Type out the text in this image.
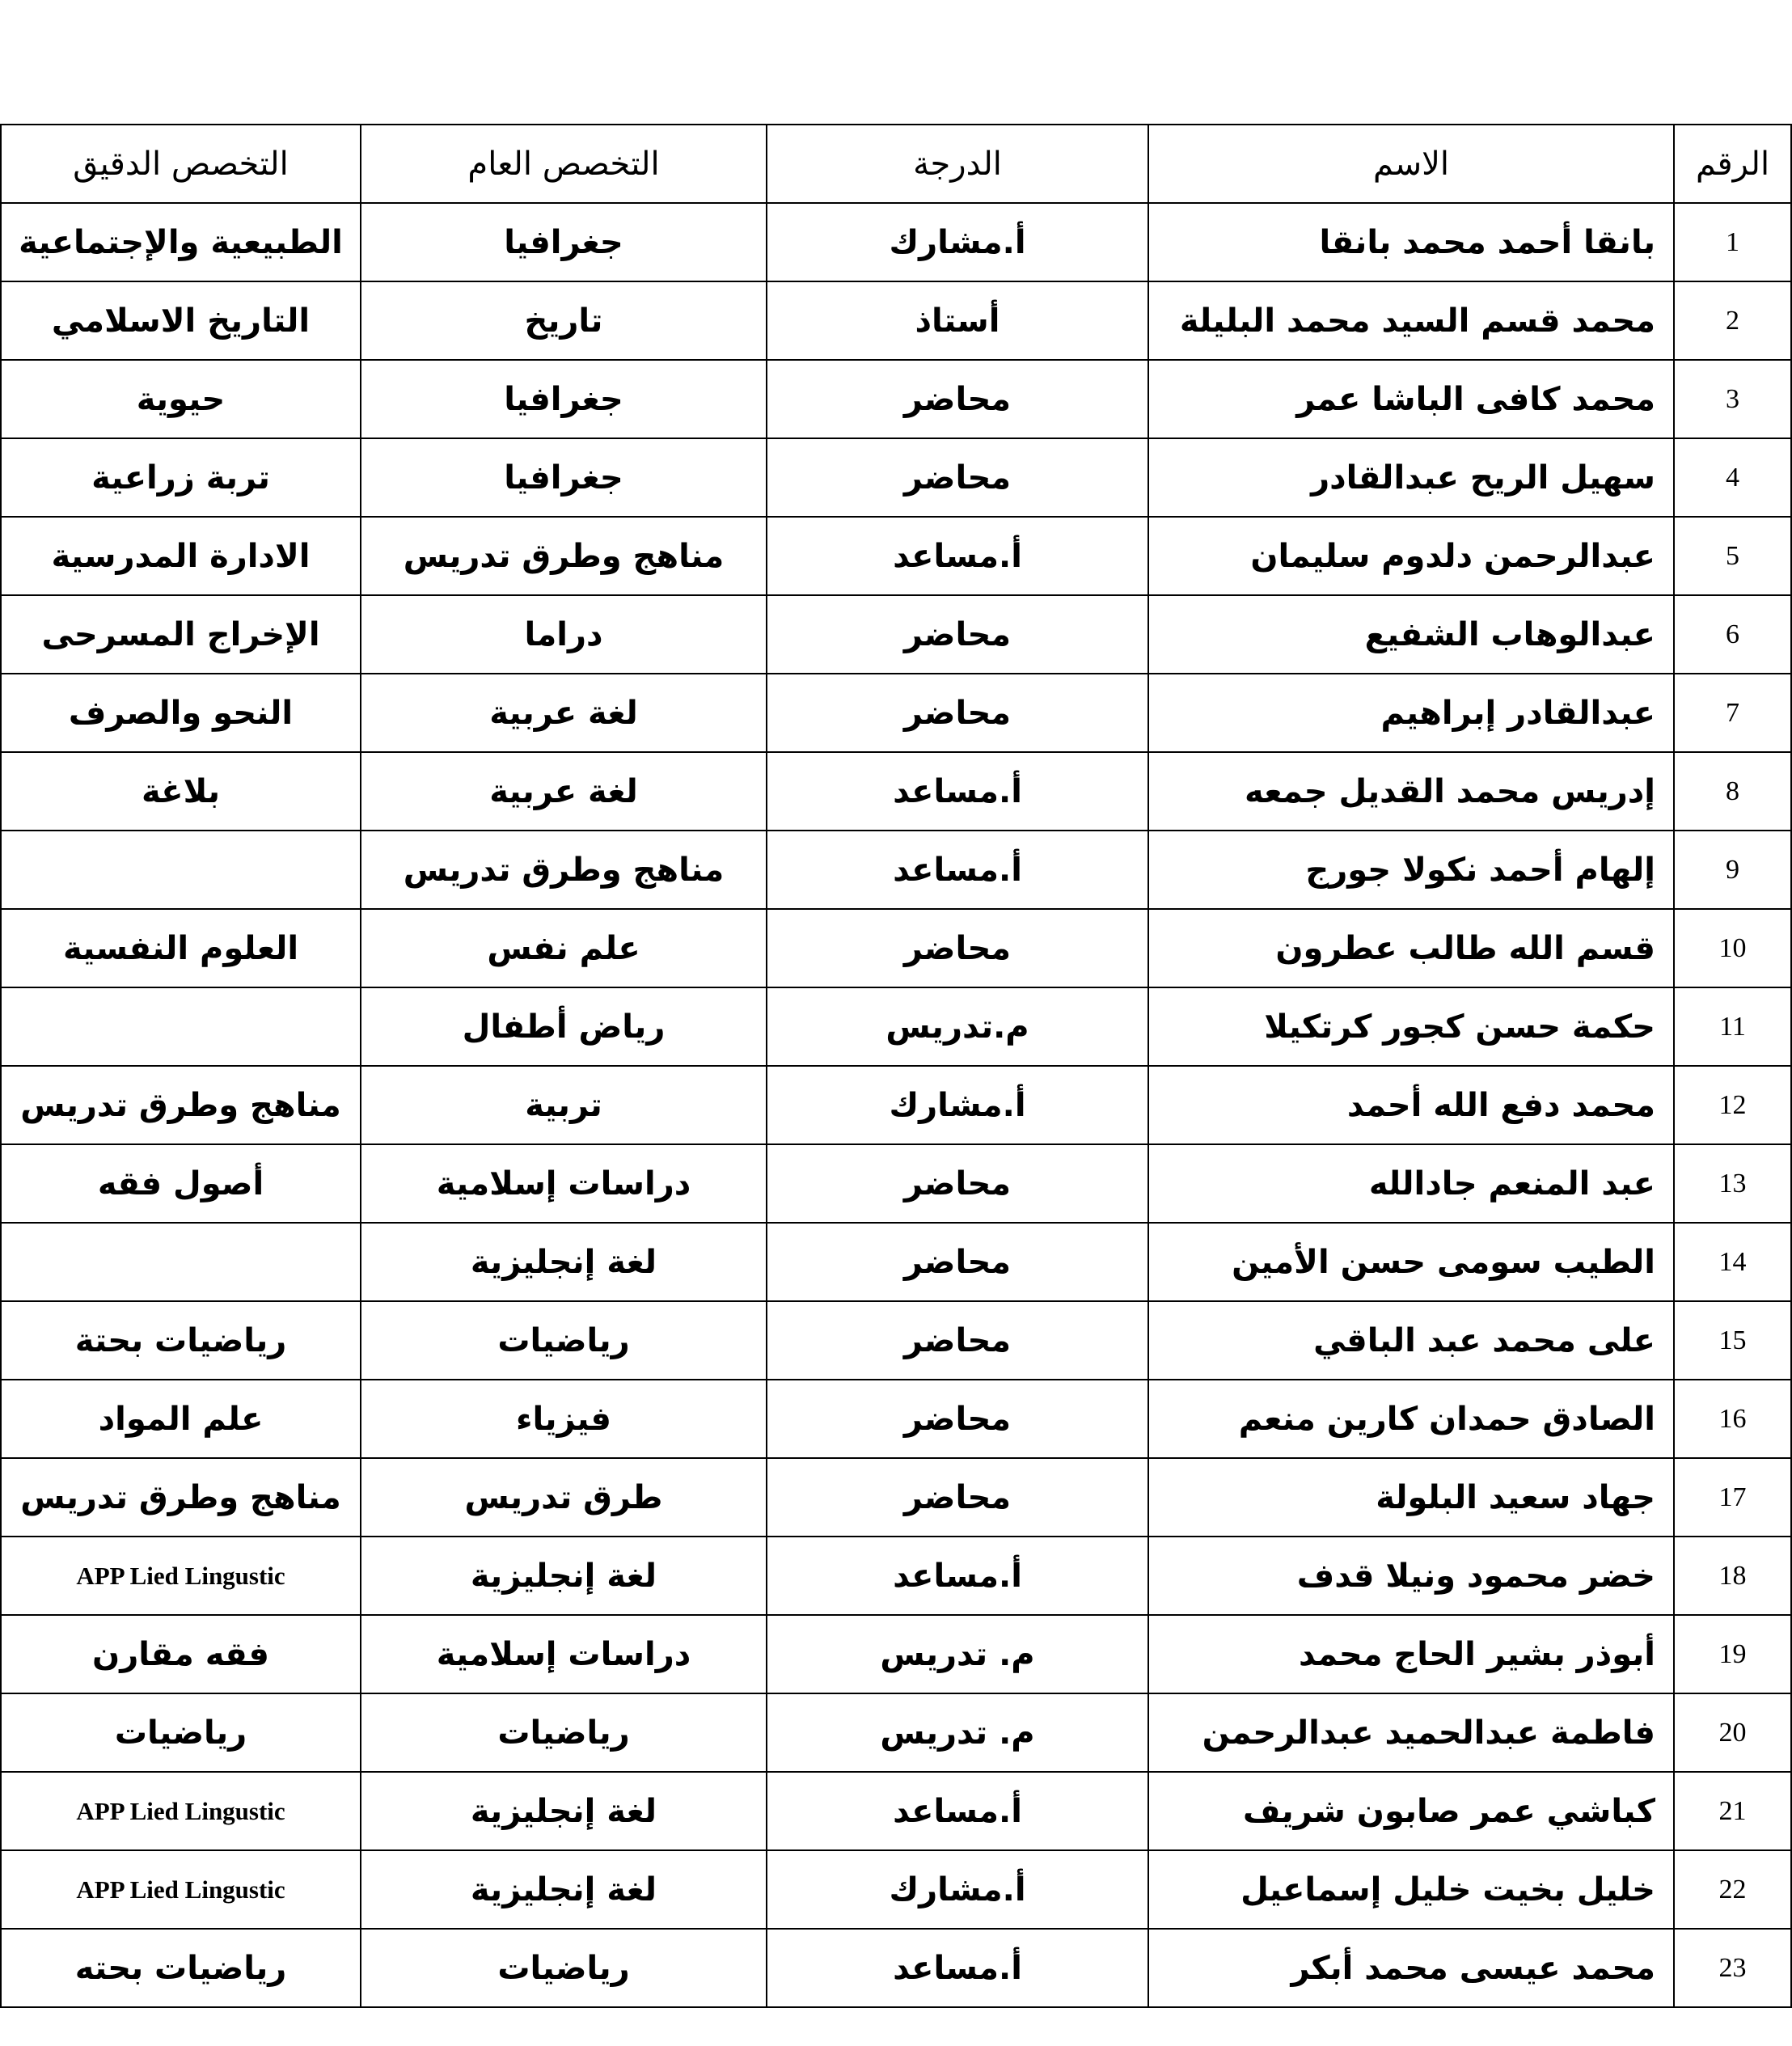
الرقم	الاسم	الدرجة	التخصص العام	التخصص الدقيق
1	بانقا أحمد محمد بانقا	أ.مشارك	جغرافيا	الطبيعية والإجتماعية
2	محمد قسم السيد محمد البليلة	أستاذ	تاريخ	التاريخ الاسلامي
3	محمد كافى الباشا عمر	محاضر	جغرافيا	حيوية
4	سهيل الريح عبدالقادر	محاضر	جغرافيا	تربة زراعية
5	عبدالرحمن دلدوم سليمان	أ.مساعد	مناهج وطرق تدريس	الادارة المدرسية
6	عبدالوهاب الشفيع	محاضر	دراما	الإخراج المسرحى
7	عبدالقادر إبراهيم	محاضر	لغة عربية	النحو والصرف
8	إدريس محمد القديل جمعه	أ.مساعد	لغة عربية	بلاغة
9	إلهام أحمد نكولا جورج	أ.مساعد	مناهج وطرق تدريس	
10	قسم الله طالب عطرون	محاضر	علم نفس	العلوم النفسية
11	حكمة حسن كجور كرتكيلا	م.تدريس	رياض أطفال	
12	محمد دفع الله أحمد	أ.مشارك	تربية	مناهج وطرق تدريس
13	عبد المنعم جادالله	محاضر	دراسات إسلامية	أصول فقه
14	الطيب سومى حسن الأمين	محاضر	لغة إنجليزية	
15	على محمد عبد الباقي	محاضر	رياضيات	رياضيات بحتة
16	الصادق حمدان كارين منعم	محاضر	فيزياء	علم المواد
17	جهاد سعيد البلولة	محاضر	طرق تدريس	مناهج وطرق تدريس
18	خضر محمود ونيلا قدف	أ.مساعد	لغة إنجليزية	APP Lied Lingustic
19	أبوذر بشير الحاج محمد	م. تدريس	دراسات إسلامية	فقه مقارن
20	فاطمة عبدالحميد عبدالرحمن	م. تدريس	رياضيات	رياضيات
21	كباشي عمر صابون شريف	أ.مساعد	لغة إنجليزية	APP Lied Lingustic
22	خليل بخيت خليل إسماعيل	أ.مشارك	لغة إنجليزية	APP Lied Lingustic
23	محمد عيسى محمد أبكر	أ.مساعد	رياضيات	رياضيات بحته
